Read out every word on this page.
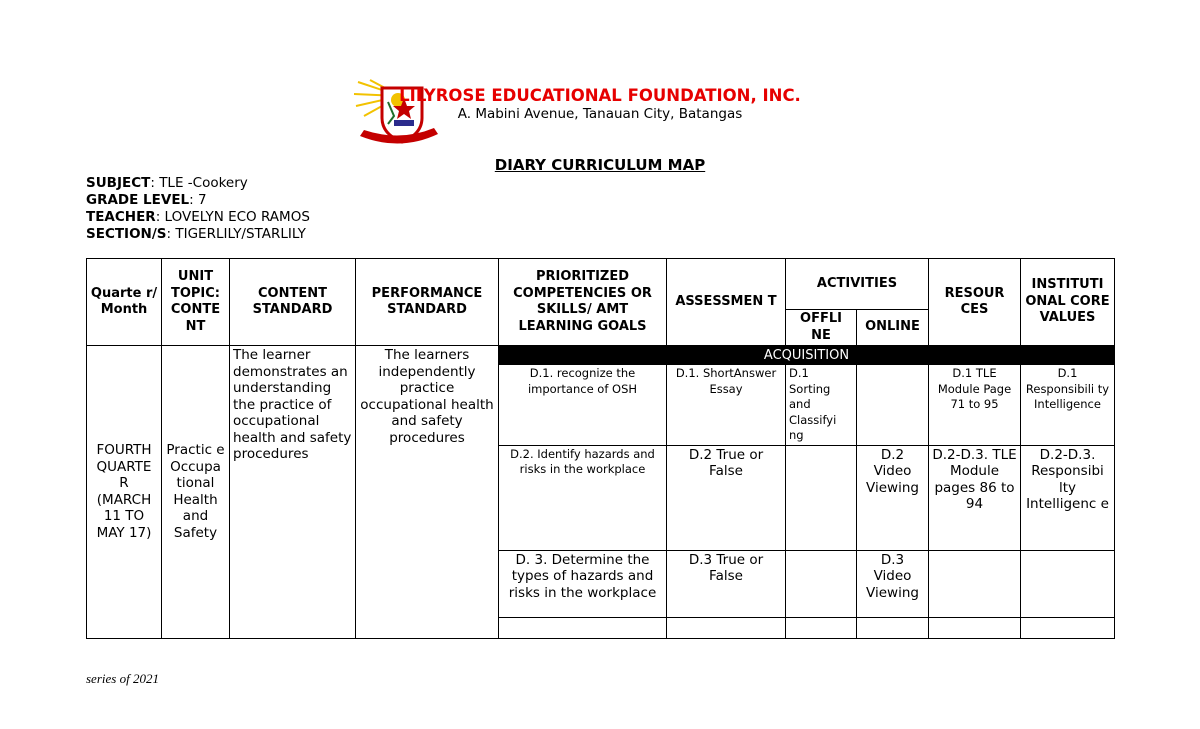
LILYROSE EDUCATIONAL FOUNDATION, INC.
A. Mabini Avenue, Tanauan City, Batangas
DIARY CURRICULUM MAP
SUBJECT: TLE -Cookery
GRADE LEVEL: 7
TEACHER: LOVELYN ECO RAMOS
SECTION/S: TIGERLILY/STARLILY
Quarte r/ Month	UNIT TOPIC: CONTE NT	CONTENT STANDARD	PERFORMANCE STANDARD	PRIORITIZED COMPETENCIES OR SKILLS/ AMT LEARNING GOALS	ASSESSMEN T	ACTIVITIES		RESOUR CES	INSTITUTI ONAL CORE VALUES
						OFFLI NE	ONLINE		
FOURTH QUARTE R (MARCH 11 TO MAY 17)	Practic e Occupa tional Health and Safety	The learner demonstrates an understanding the practice of occupational health and safety procedures	The learners independently practice occupational health and safety procedures	ACQUISITION					
				D.1. recognize the importance of OSH	D.1. ShortAnswer Essay	D.1 Sorting and Classifyi ng		D.1 TLE Module Page 71 to 95	D.1 Responsibili ty Intelligence
				D.2. Identify hazards and risks in the workplace	D.2 True or False		D.2 Video Viewing	D.2-D.3. TLE Module pages 86 to 94	D.2-D.3. Responsibi lty Intelligenc e
				D. 3. Determine the types of hazards and risks in the workplace	D.3 True or False		D.3 Video Viewing		

series of 2021
